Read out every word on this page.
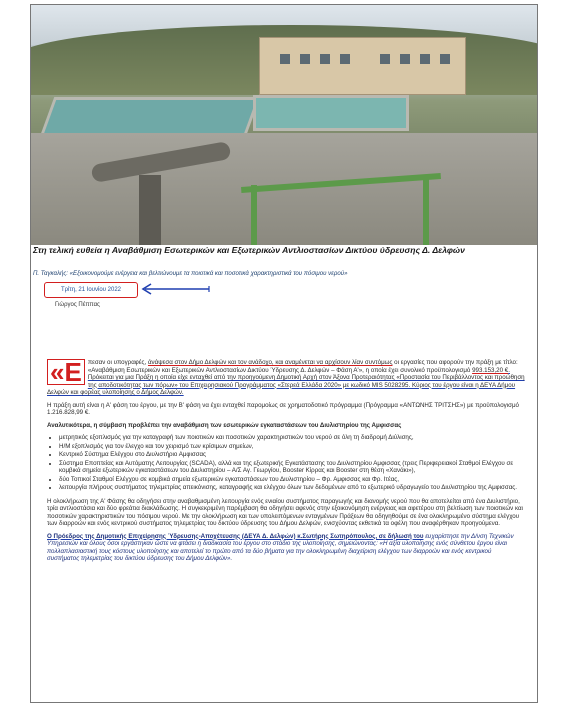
Στη τελική ευθεία η Αναβάθμιση Εσωτερικών και Εξωτερικών Αντλιοστασίων Δικτύου ύδρευσης Δ. Δελφών
Π. Ταγκαλής: «Εξοικονομούμε ενέργεια και βελτιώνουμε τα ποιοτικά και ποσοτικά χαρακτηριστικά του πόσιμου νερού»
Τρίτη, 21 Ιουνίου 2022
Γιώργος Πέππας
«Ε πεσαν οι υπογραφές, άνάψεσα στον Δήμο Δελφών και τον ανάδοχο, και αναμένεται να αρχίσουν λίαν συντόμως οι εργασίες που αφορούν την πράξη με τίτλο: «Αναβάθμιση Εσωτερικών και Εξωτερικών Αντλιοστασίων Δικτύου Ύδρευσης Δ. Δελφών – Φάση Α'», η οποία έχει συνολικό προϋπολογισμό 993.153,20 €. Πρόκειται για μια Πράξη η οποία είχε ενταχθεί από την προηγούμενη Δημοτική Αρχή στον Άξονα Προτεραιότητας «Προστασία του Περιβάλλοντος και προώθηση της αποδοτικότητας των πόρων» του Επιχειρησιακού Προγράμματος «Στερεά Ελλάδα 2020» με κωδικό MIS 5028295. Κύριος του έργου είναι η ΔΕΥΑ Δήμου Δελφών και φορέας υλοποίησης ο Δήμος Δελφών.
Η πράξη αυτή είναι η Α' φάση του έργου, με την Β' φάση να έχει ενταχθεί παρομοίως σε χρηματοδοτικό πρόγραμμα (Πρόγραμμα «ΑΝΤΩΝΗΣ ΤΡΙΤΣΗΣ») με προϋπολογισμό 1.216.828,99 €.
Αναλυτικότερα, η σύμβαση προβλέπει την αναβάθμιση των εσωτερικών εγκαταστάσεων του Διυλιστηρίου της Αμφισσας
• μετρητικός εξοπλισμός για την καταγραφή των ποιοτικών και ποσοτικών χαρακτηριστικών του νερού σε όλη τη διαδρομή Διύλισης,
• Η/Μ εξοπλισμός για τον έλεγχο και τον χειρισμό των κρίσιμων σημείων,
• Κεντρικό Σύστημα Ελέγχου στο Διυλιστήριο Αμφισσας
• Σύστημα Εποπτείας και Αυτόματης Λειτουργίας (SCADA), αλλά και της εξωτερικής Εγκατάστασης του Διυλιστηρίου Αμφισσας (τρεις Περιφερειακοί Σταθμοί Ελέγχου σε κομβικά σημεία εξωτερικών εγκαταστάσεων του Διυλιστηρίου – Α/Σ Αγ. Γεωργίου, Booster Κίρρας και Booster στη θέση «Χανάκι»),
• δύο Τοπικοί Σταθμοί Ελέγχου σε κομβικά σημεία εξωτερικών εγκαταστάσεων του Διυλιστηρίου – Φρ. Αμφισσας και Φρ. Ιτέας,
• λειτουργία πλήρους συστήματος τηλεμετρίας απεικόνισης, καταγραφής και ελέγχου όλων των δεδομένων από το εξωτερικό υδραγωγείο του Διυλιστηρίου της Αμφισσας.
Η ολοκλήρωση της Α' Φάσης θα οδηγήσει στην αναβαθμισμένη λειτουργία ενός ενιαίου συστήματος παραγωγής και διανομής νερού που θα αποτελείται από ένα Διυλιστήριο, τρία αντλιοστάσια και δύο φρεάτια διακλάδωσης. Η συγκεκριμένη παρέμβαση θα οδηγήσει αφενός στην εξοικονόμηση ενέργειας και αφετέρου στη βελτίωση των ποιοτικών και ποσοτικών χαρακτηριστικών του πόσιμου νερού. Με την ολοκλήρωση και των υπολειπόμενων ενταγμένων Πράξεων θα οδηγηθούμε σε ένα ολοκληρωμένο σύστημα ελέγχου των διαρροών και ενός κεντρικού συστήματος τηλεμετρίας του δικτύου ύδρευσης του Δήμου Δελφών, ενισχύοντας εκθετικά τα οφέλη που αναφέρθηκαν προηγούμενα.
Ο Πρόεδρος της Δημοτικής Επιχείρησης Ύδρευσης-Αποχέτευσης (ΔΕΥΑ Δ. Δελφών) κ.Σωτήρης Σωτηρόπουλος, σε δήλωσή του ευχαρίστησε την Δ/νση Τεχνικών Υπηρεσιών και όλους όσοι εργάστηκαν ώστε να φτάσει η διαδικασία του έργου στο στάδιο της υλοποίησης, σημειώνοντας: «Η αξία υλοποίησης ενός σύνθετου έργου είναι πολλαπλασιαστική τους κόστους υλοποίησης και αποτελεί το πρώτο από τα δύο βήματα για την ολοκληρωμένη διαχείριση ελέγχου των διαρροών και ενός κεντρικού συστήματος τηλεμετρίας του δικτύου ύδρευσης του Δήμου Δελφών».
